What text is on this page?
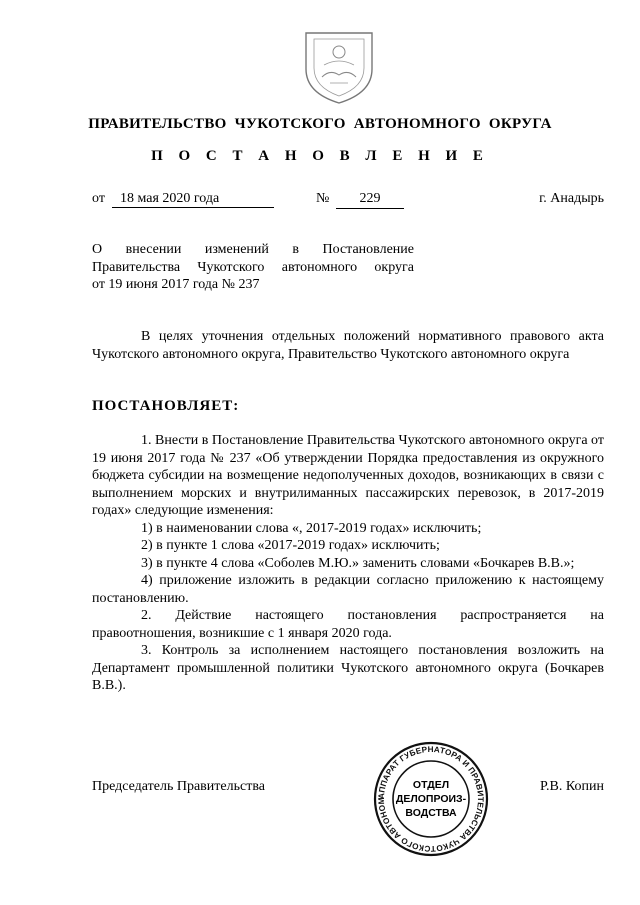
ПРАВИТЕЛЬСТВО ЧУКОТСКОГО АВТОНОМНОГО ОКРУГА
П О С Т А Н О В Л Е Н И Е
от	18 мая 2020 года	№	229	г. Анадырь
О внесении изменений в Постановление
Правительства Чукотского автономного округа
от 19 июня 2017 года № 237

В целях уточнения отдельных положений нормативного правового акта Чукотского автономного округа, Правительство Чукотского автономного округа

ПОСТАНОВЛЯЕТ:

1. Внести в Постановление Правительства Чукотского автономного округа от 19 июня 2017 года № 237 «Об утверждении Порядка предоставления из окружного бюджета субсидии на возмещение недополученных доходов, возникающих в связи с выполнением морских и внутрилиманных пассажирских перевозок, в 2017-2019 годах» следующие изменения:

1) в наименовании слова «, 2017-2019 годах» исключить;

2) в пункте 1 слова «2017-2019 годах» исключить;

3) в пункте 4 слова «Соболев М.Ю.» заменить словами «Бочкарев В.В.»;

4) приложение изложить в редакции согласно приложению к настоящему постановлению.

2. Действие настоящего постановления распространяется на правоотношения, возникшие с 1 января 2020 года.

3. Контроль за исполнением настоящего постановления возложить на Департамент промышленной политики Чукотского автономного округа (Бочкарев В.В.).

Председатель Правительства	Р.В. Копин
АППАРАТ ГУБЕРНАТОРА И ПРАВИТЕЛЬСТВА ЧУКОТСКОГО АВТОНОМ
ОТДЕЛ
ДЕЛОПРОИЗ-
ВОДСТВА
